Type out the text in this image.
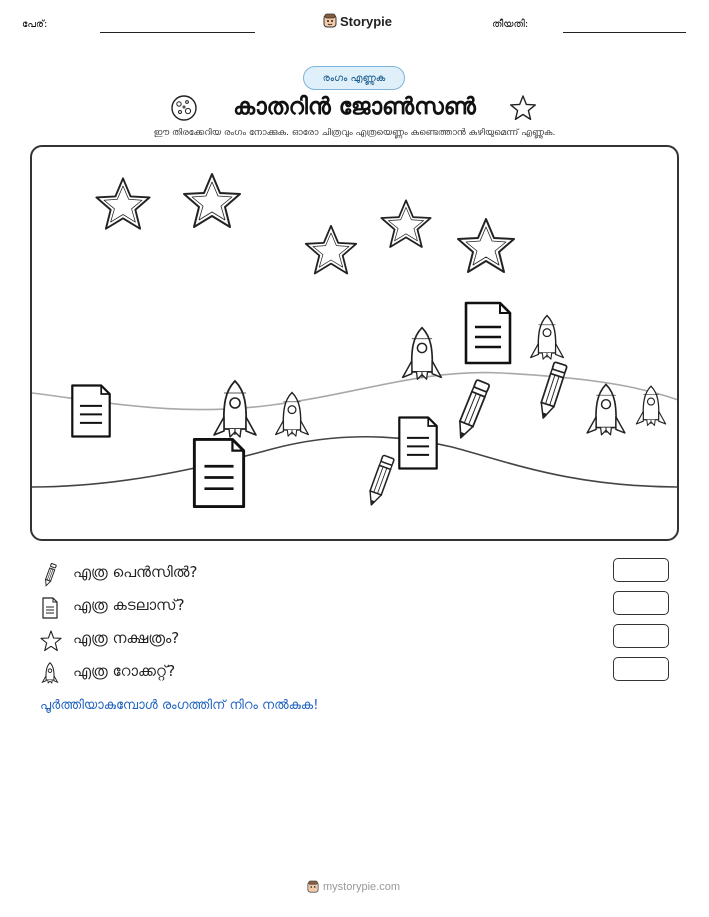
പേര്:	Storypie	തീയതി:
രംഗം എണ്ണുക
കാതറിൻ ജോൺസൺ
ഈ തിരക്കേറിയ രംഗം നോക്കുക. ഓരോ ചിത്രവും എത്രയെണ്ണം കണ്ടെത്താൻ കഴിയുമെന്ന് എണ്ണുക.
എത്ര പെൻസിൽ?
എത്ര കടലാസ്?
എത്ര നക്ഷത്രം?
എത്ര റോക്കറ്റ്?
പൂർത്തിയാകുമ്പോൾ രംഗത്തിന് നിറം നൽകുക!
mystorypie.com
